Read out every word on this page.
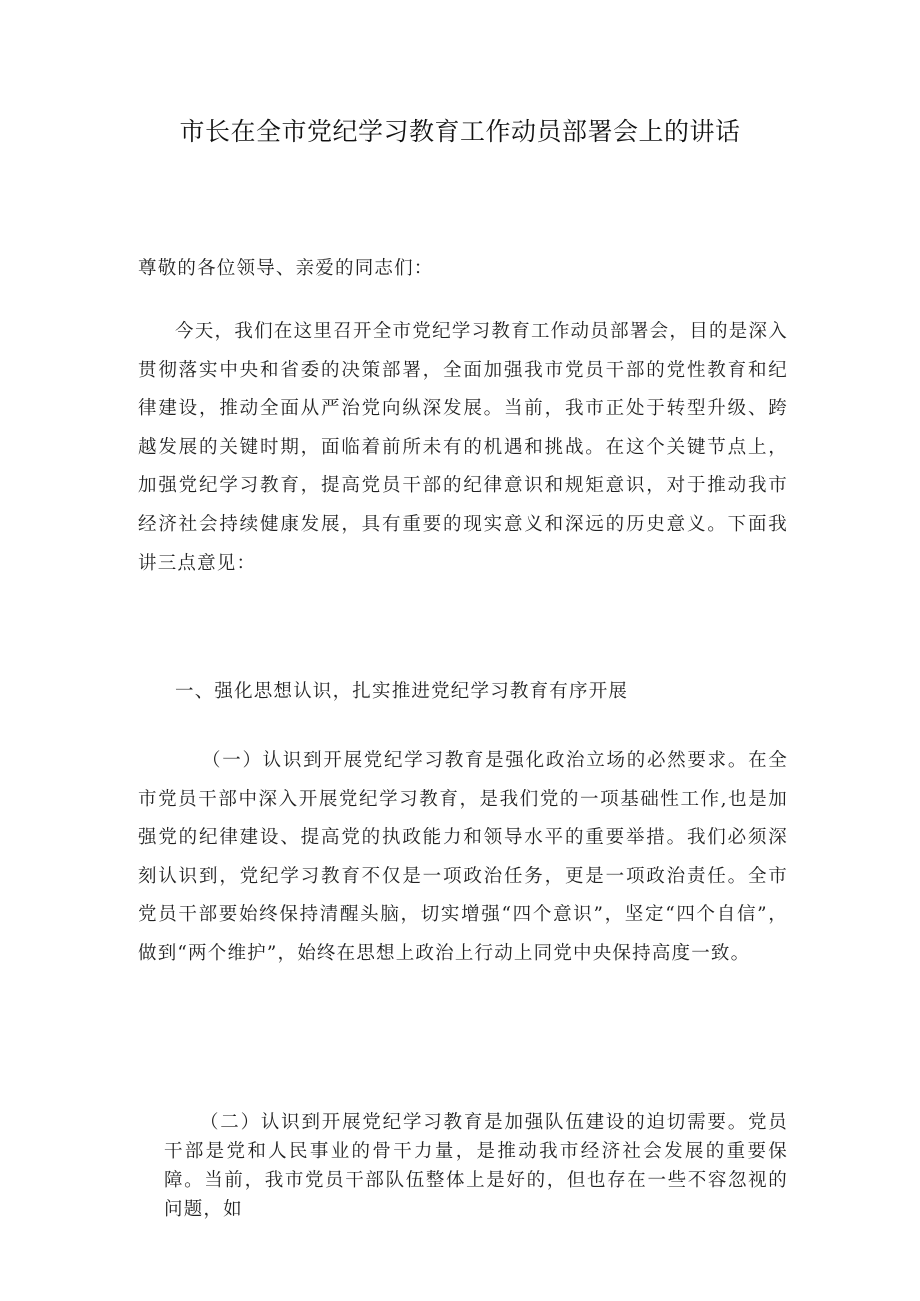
市长在全市党纪学习教育工作动员部署会上的讲话

尊敬的各位领导、亲爱的同志们：

今天，我们在这里召开全市党纪学习教育工作动员部署会，目的是深入贯彻落实中央和省委的决策部署，全面加强我市党员干部的党性教育和纪律建设，推动全面从严治党向纵深发展。当前，我市正处于转型升级、跨越发展的关键时期，面临着前所未有的机遇和挑战。在这个关键节点上，加强党纪学习教育，提高党员干部的纪律意识和规矩意识，对于推动我市经济社会持续健康发展，具有重要的现实意义和深远的历史意义。下面我讲三点意见：

一、强化思想认识，扎实推进党纪学习教育有序开展

（一）认识到开展党纪学习教育是强化政治立场的必然要求。在全市党员干部中深入开展党纪学习教育，是我们党的一项基础性工作,也是加强党的纪律建设、提高党的执政能力和领导水平的重要举措。我们必须深刻认识到，党纪学习教育不仅是一项政治任务，更是一项政治责任。全市党员干部要始终保持清醒头脑，切实增强“四个意识”，坚定“四个自信”，做到“两个维护”，始终在思想上政治上行动上同党中央保持高度一致。

（二）认识到开展党纪学习教育是加强队伍建设的迫切需要。党员干部是党和人民事业的骨干力量，是推动我市经济社会发展的重要保障。当前，我市党员干部队伍整体上是好的，但也存在一些不容忽视的问题，如
